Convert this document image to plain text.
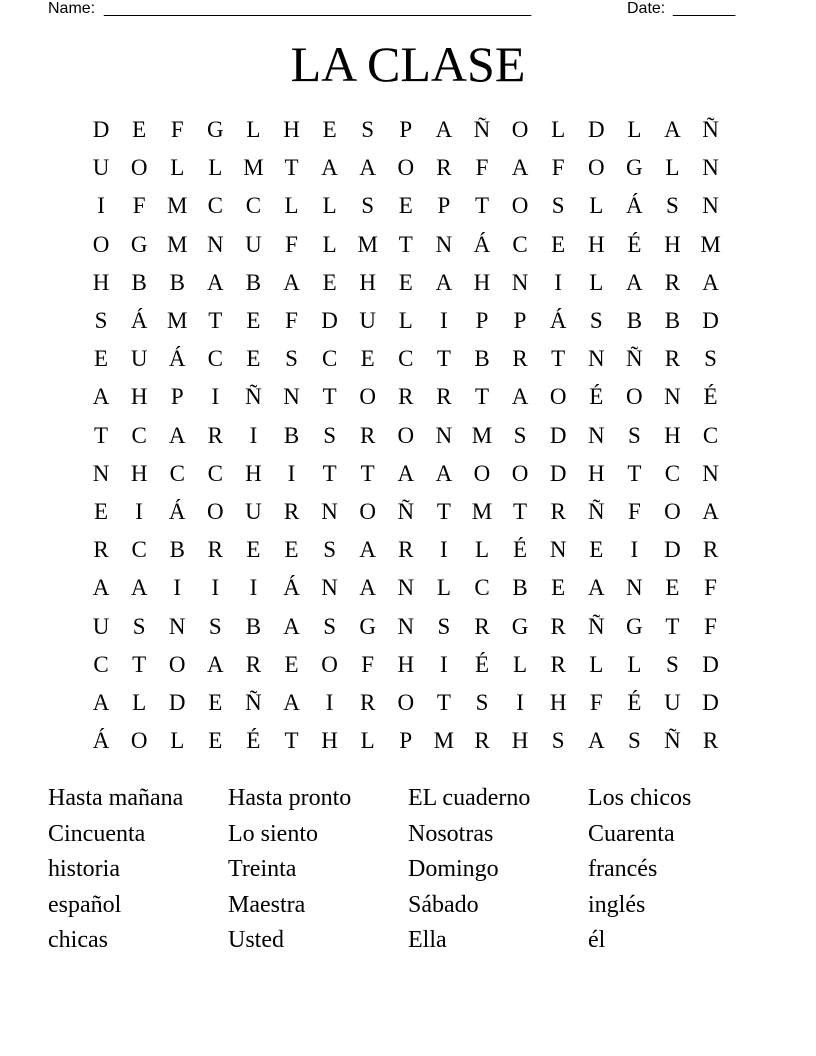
Name: ________________________________________________	Date: _______
LA CLASE
D E	F	G L H E	S	P	A Ñ O L D L A Ñ
U O L	L M T A A O R	F	A	F	O G L N
I	F M C C	L	L	S	E	P	T O	S	L Á	S	N
O G M N U	F	L M T N Á C	E H É H M
H B B A B A E H E A H N	I	L A R A
S	Á M T	E	F	D U L	I	P	P	Á	S	B B D
E U Á C	E	S	C	E	C	T	B R	T N Ñ R	S
A H	P	I	Ñ N T O R R	T A O É O N É
T	C A R	I	B	S	R O N M S	D N	S	H C
N H C C H	I	T	T A A O O D H T	C N
E	I	Á O U R N O Ñ T M T	R Ñ	F	O A
R C B R	E	E	S	A R	I	L	É N E	I	D R
A A	I	I	I	Á N A N L	C B	E A N E	F
U	S	N	S	B A	S	G N	S	R G R Ñ G T	F
C	T O A R	E O	F	H	I	É	L	R	L	L	S	D
A L D E Ñ A	I	R O T	S	I	H	F	É U D
Á O L	E	É	T H L	P M R H	S	A	S	Ñ R
Hasta mañana	Hasta pronto	EL cuaderno	Los chicos
Cincuenta	Lo siento	Nosotras	Cuarenta
historia	Treinta	Domingo	francés
español	Maestra	Sábado	inglés
chicas	Usted	Ella	él
